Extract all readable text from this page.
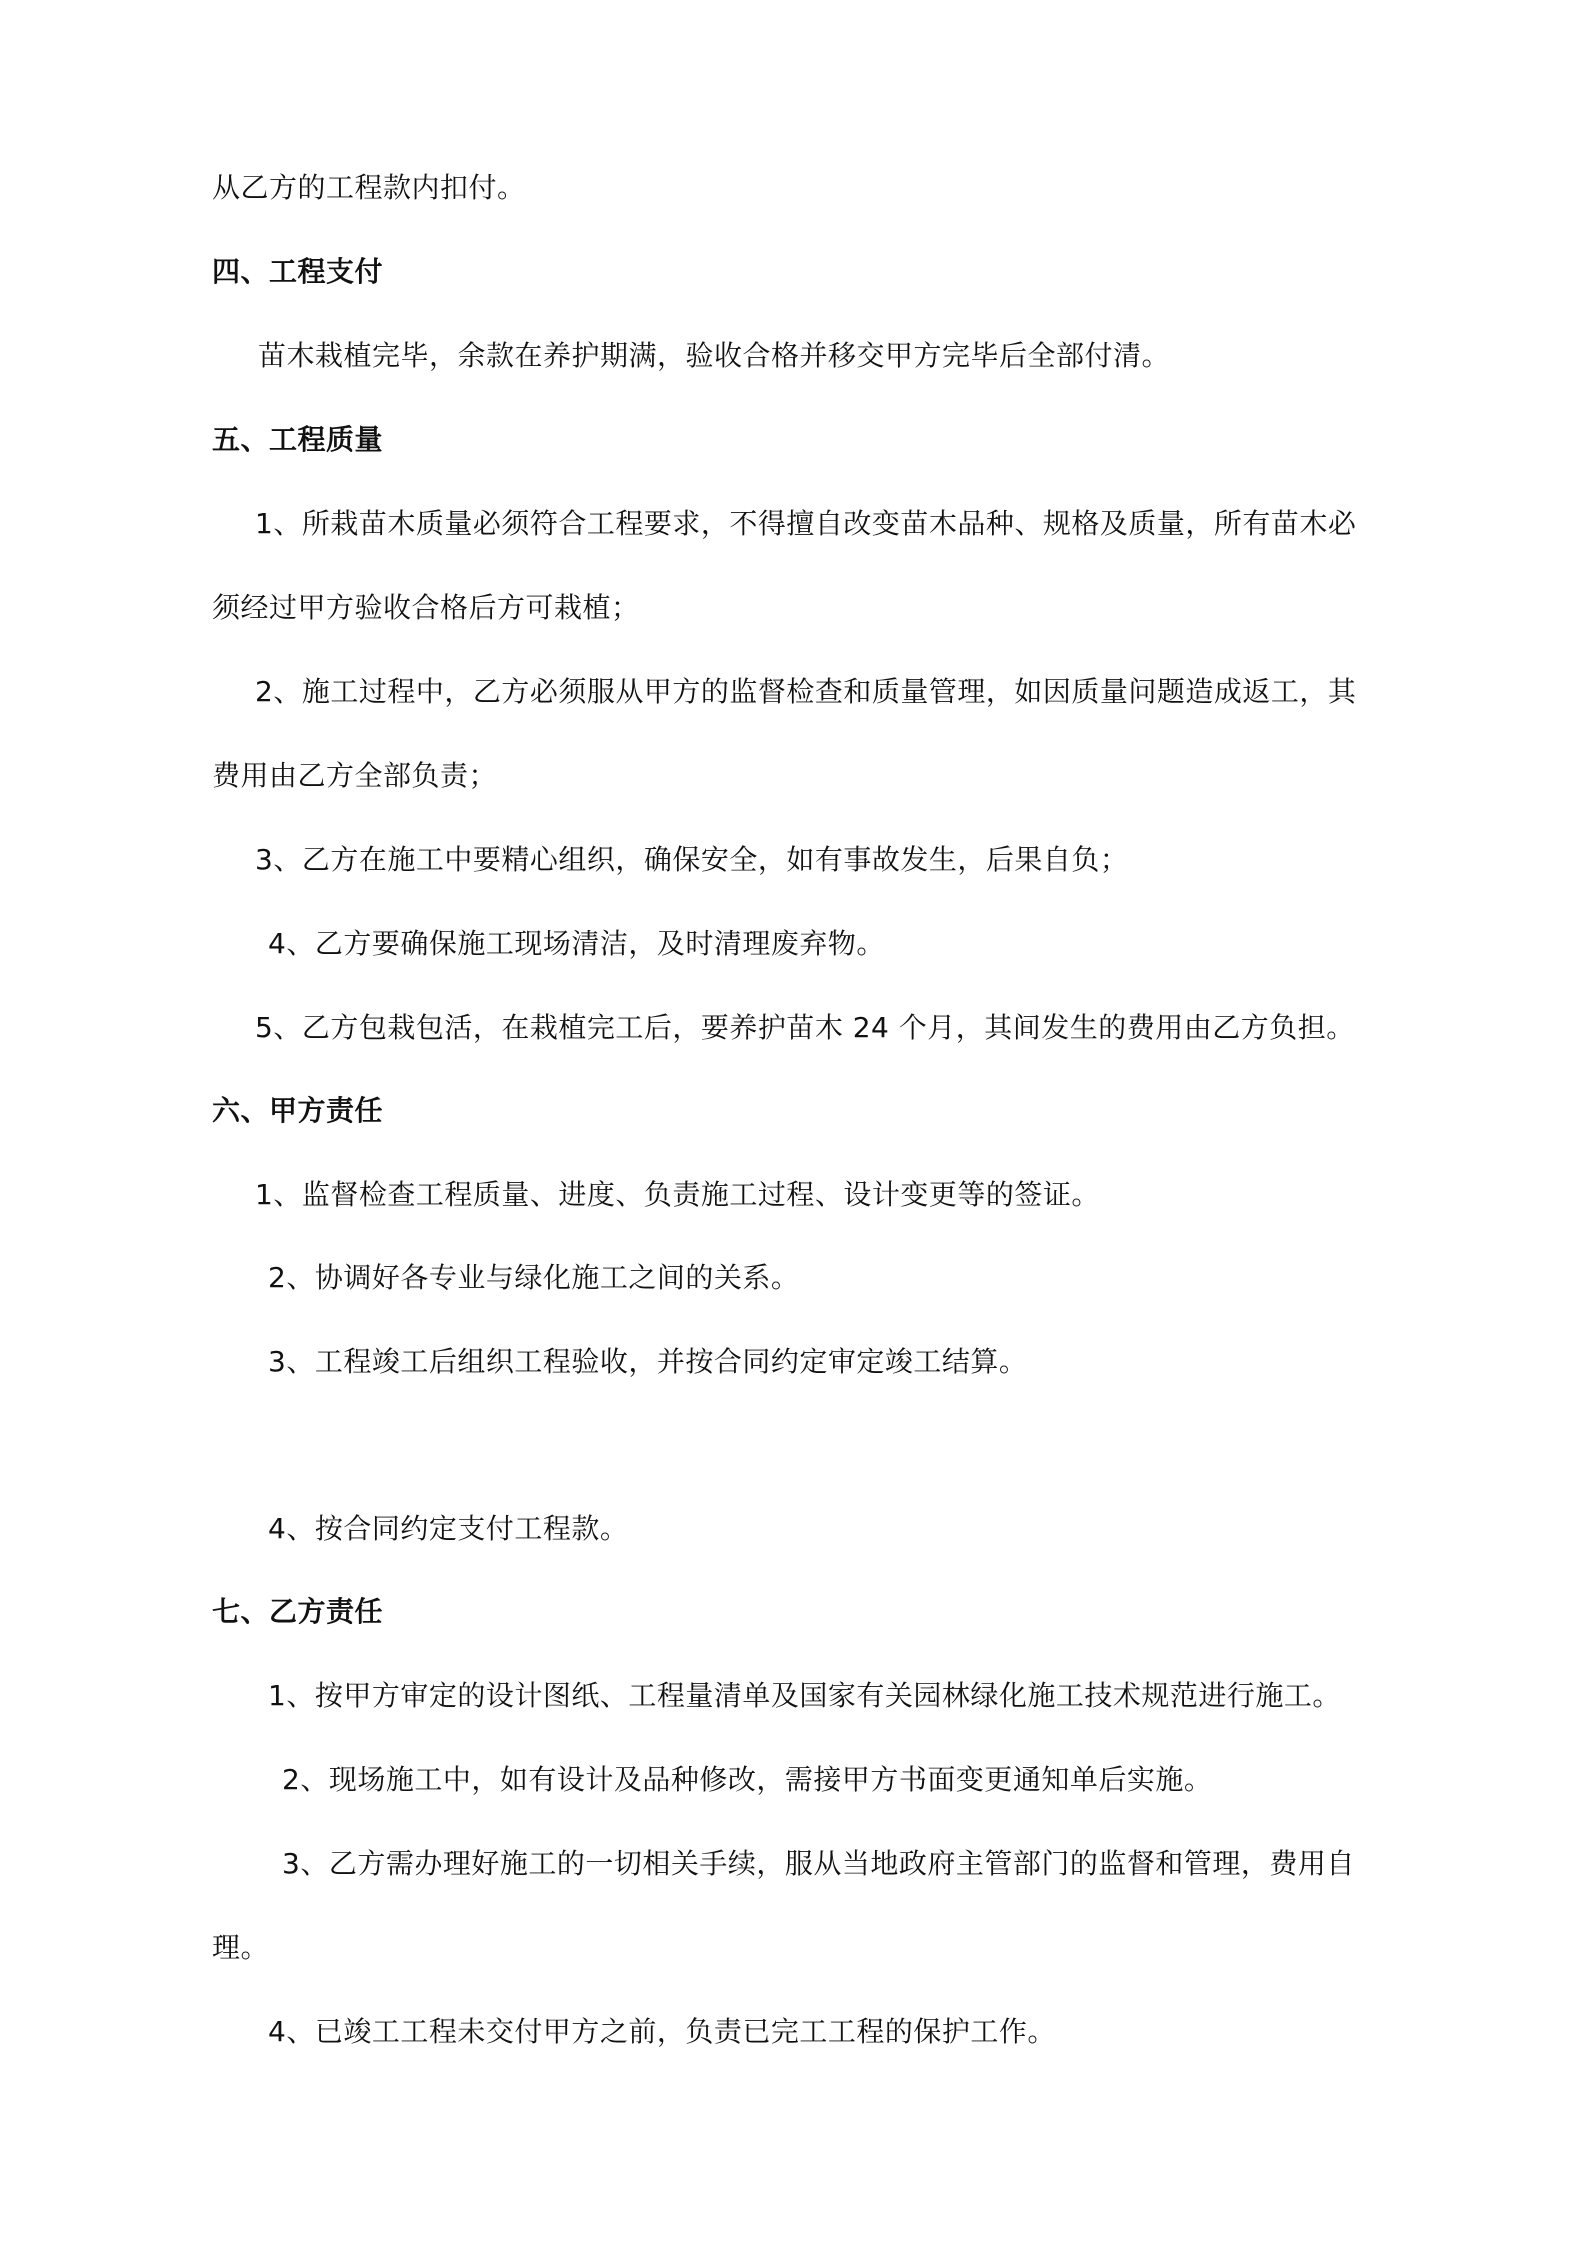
从乙方的工程款内扣付。
四、工程支付
苗木栽植完毕，余款在养护期满，验收合格并移交甲方完毕后全部付清。
五、工程质量
1、所栽苗木质量必须符合工程要求，不得擅自改变苗木品种、规格及质量，所有苗木必
须经过甲方验收合格后方可栽植；
2、施工过程中，乙方必须服从甲方的监督检查和质量管理，如因质量问题造成返工，其
费用由乙方全部负责；
3、乙方在施工中要精心组织，确保安全，如有事故发生，后果自负；
4、乙方要确保施工现场清洁，及时清理废弃物。
5、乙方包栽包活，在栽植完工后，要养护苗木 24 个月，其间发生的费用由乙方负担。
六、甲方责任
1、监督检查工程质量、进度、负责施工过程、设计变更等的签证。
2、协调好各专业与绿化施工之间的关系。
3、工程竣工后组织工程验收，并按合同约定审定竣工结算。
4、按合同约定支付工程款。
七、乙方责任
1、按甲方审定的设计图纸、工程量清单及国家有关园林绿化施工技术规范进行施工。
2、现场施工中，如有设计及品种修改，需接甲方书面变更通知单后实施。
3、乙方需办理好施工的一切相关手续，服从当地政府主管部门的监督和管理，费用自
理。
4、已竣工工程未交付甲方之前，负责已完工工程的保护工作。
